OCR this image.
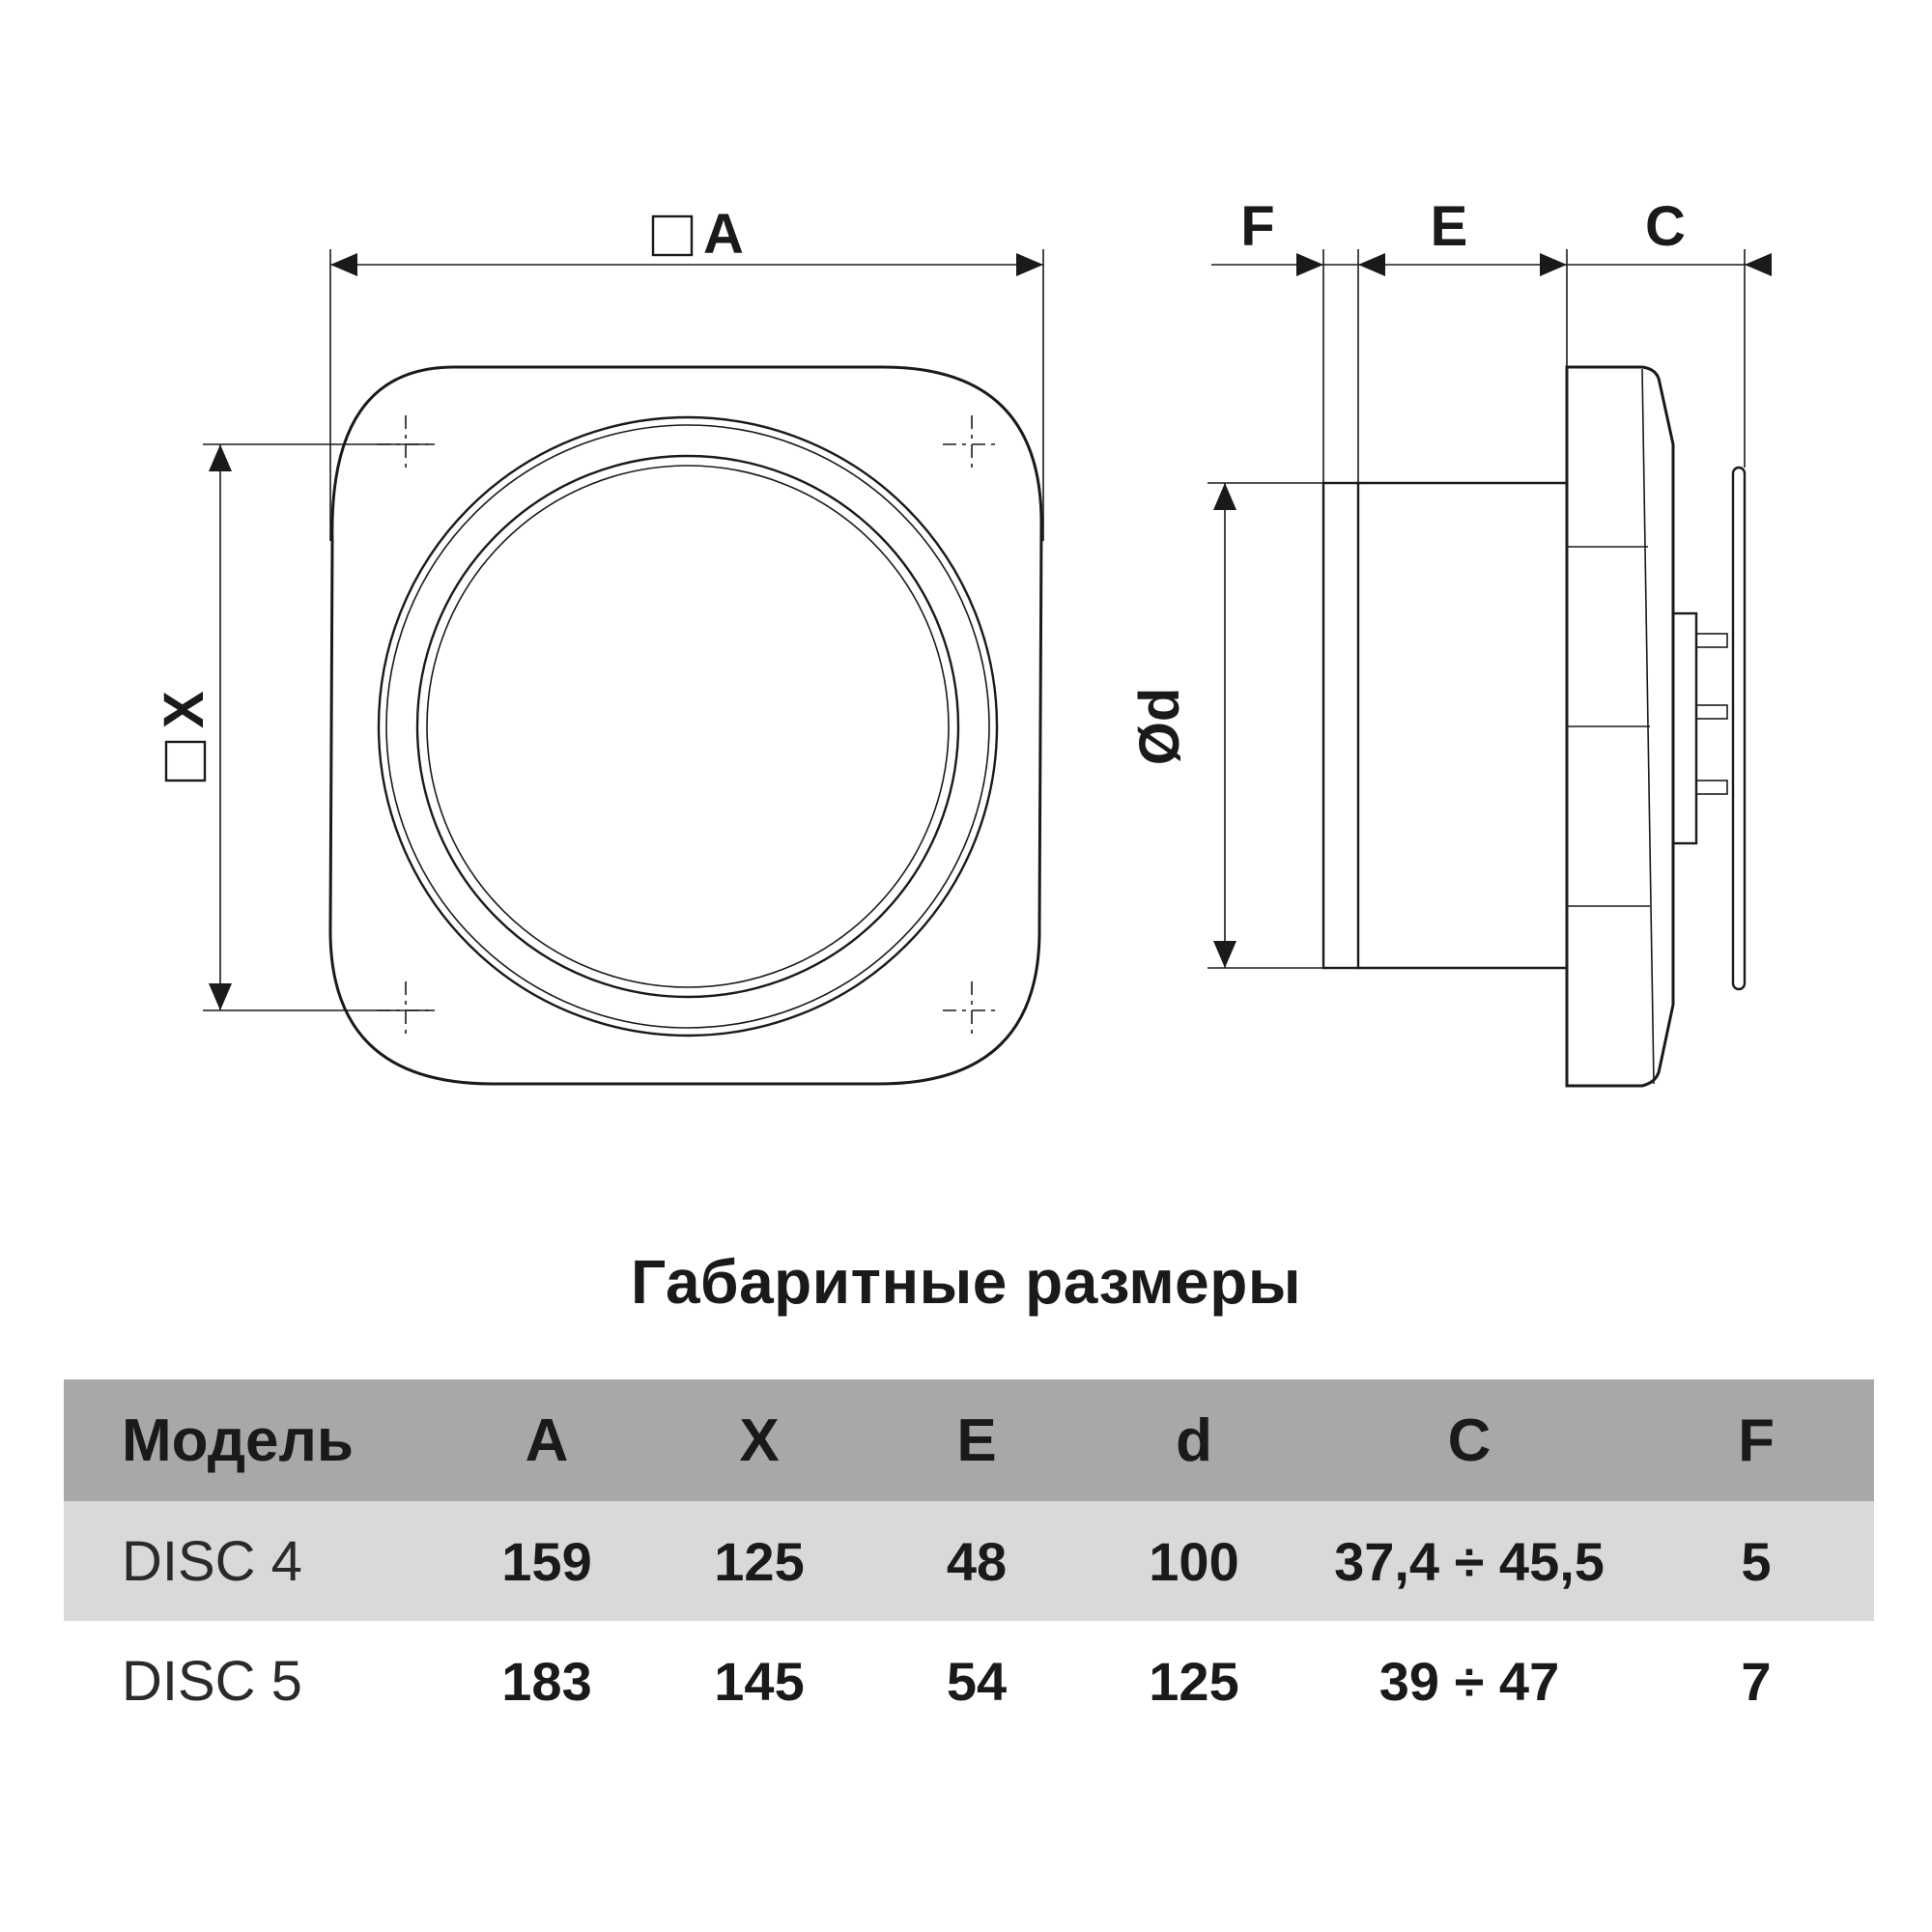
A
X
F	E	C
Ød
Габаритные размеры
Модель	A	X	E	d	C	F
DISC 4	159	125	48	100	37,4 ÷ 45,5	5
DISC 5	183	145	54	125	39 ÷ 47	7
